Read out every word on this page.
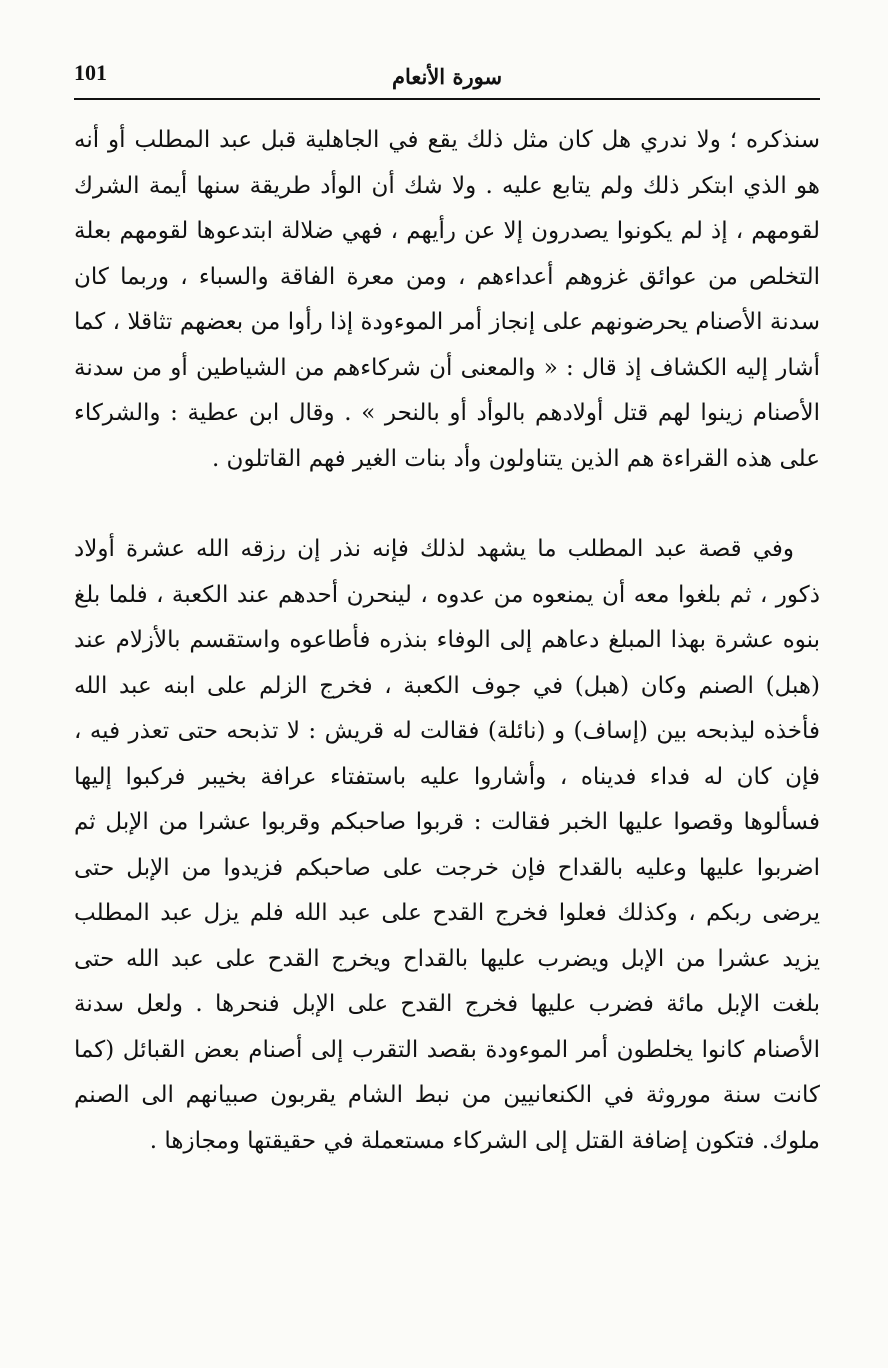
101	سورة الأنعام

سنذكره ؛ ولا ندري هل كان مثل ذلك يقع في الجاهلية قبل عبد المطلب أو أنه هو الذي ابتكر ذلك ولم يتابع عليه . ولا شك أن الوأد طريقة سنها أيمة الشرك لقومهم ، إذ لم يكونوا يصدرون إلا عن رأيهم ، فهي ضلالة ابتدعوها لقومهم بعلة التخلص من عوائق غزوهم أعداءهم ، ومن معرة الفاقة والسباء ، وربما كان سدنة الأصنام يحرضونهم على إنجاز أمر الموءودة إذا رأوا من بعضهم تثاقلا ، كما أشار إليه الكشاف إذ قال : « والمعنى أن شركاءهم من الشياطين أو من سدنة الأصنام زينوا لهم قتل أولادهم بالوأد أو بالنحر » . وقال ابن عطية : والشركاء على هذه القراءة هم الذين يتناولون وأد بنات الغير فهم القاتلون .

وفي قصة عبد المطلب ما يشهد لذلك فإنه نذر إن رزقه الله عشرة أولاد ذكور ، ثم بلغوا معه أن يمنعوه من عدوه ، لينحرن أحدهم عند الكعبة ، فلما بلغ بنوه عشرة بهذا المبلغ دعاهم إلى الوفاء بنذره فأطاعوه واستقسم بالأزلام عند (هبل) الصنم وكان (هبل) في جوف الكعبة ، فخرج الزلم على ابنه عبد الله فأخذه ليذبحه بين (إساف) و (نائلة) فقالت له قريش : لا تذبحه حتى تعذر فيه ، فإن كان له فداء فديناه ، وأشاروا عليه باستفتاء عرافة بخيبر فركبوا إليها فسألوها وقصوا عليها الخبر فقالت : قربوا صاحبكم وقربوا عشرا من الإبل ثم اضربوا عليها وعليه بالقداح فإن خرجت على صاحبكم فزيدوا من الإبل حتى يرضى ربكم ، وكذلك فعلوا فخرج القدح على عبد الله فلم يزل عبد المطلب يزيد عشرا من الإبل ويضرب عليها بالقداح ويخرج القدح على عبد الله حتى بلغت الإبل مائة فضرب عليها فخرج القدح على الإبل فنحرها . ولعل سدنة الأصنام كانوا يخلطون أمر الموءودة بقصد التقرب إلى أصنام بعض القبائل (كما كانت سنة موروثة في الكنعانيين من نبط الشام يقربون صبيانهم الى الصنم ملوك. فتكون إضافة القتل إلى الشركاء مستعملة في حقيقتها ومجازها .
